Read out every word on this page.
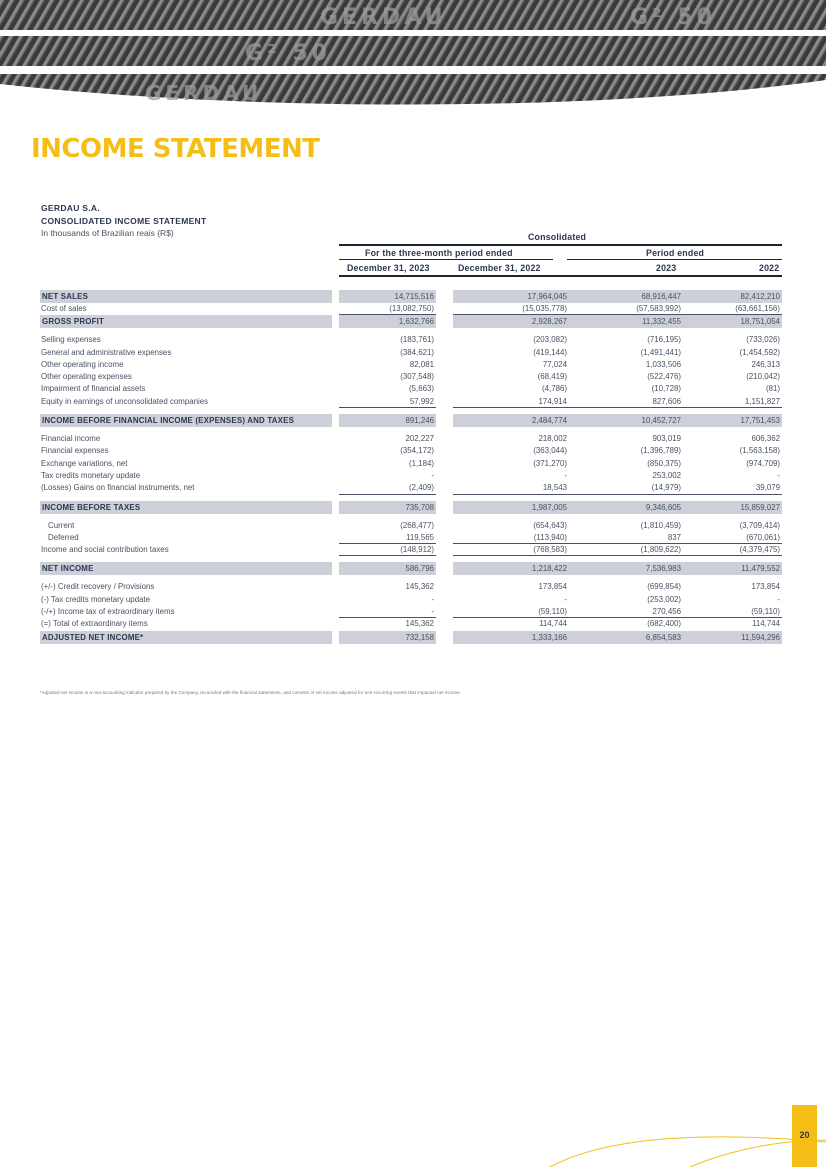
GERDAU	G² 50
G² 50
GERDAU
INCOME STATEMENT
GERDAU S.A.
CONSOLIDATED INCOME STATEMENT
In thousands of Brazilian reais (R$)	Consolidated
For the three-month period ended	Period ended
December 31, 2023	December 31, 2022	2023	2022
NET SALES	14,715,516	17,964,045	68,916,447	82,412,210
Cost of sales	(13,082,750)	(15,035,778)	(57,583,992)	(63,661,156)
GROSS PROFIT	1,632,766	2,928,267	11,332,455	18,751,054
Selling expenses	(183,761)	(203,082)	(716,195)	(733,026)
General and administrative expenses	(384,621)	(419,144)	(1,491,441)	(1,454,592)
Other operating income	82,081	77,024	1,033,506	246,313
Other operating expenses	(307,548)	(68,419)	(522,476)	(210,042)
Impairment of financial assets	(5,663)	(4,786)	(10,728)	(81)
Equity in earnings of unconsolidated companies	57,992	174,914	827,606	1,151,827
INCOME BEFORE FINANCIAL INCOME (EXPENSES) AND TAXES	891,246	2,484,774	10,452,727	17,751,453
Financial income	202,227	218,002	903,019	606,362
Financial expenses	(354,172)	(363,044)	(1,396,789)	(1,563,158)
Exchange variations, net	(1,184)	(371,270)	(850,375)	(974,709)
Tax credits monetary update	-	-	253,002	-
(Losses) Gains on financial instruments, net	(2,409)	18,543	(14,979)	39,079
INCOME BEFORE TAXES	735,708	1,987,005	9,346,605	15,859,027
Current	(268,477)	(654,643)	(1,810,459)	(3,709,414)
Deferred	119,565	(113,940)	837	(670,061)
Income and social contribution taxes	(148,912)	(768,583)	(1,809,622)	(4,379,475)
NET INCOME	586,796	1,218,422	7,536,983	11,479,552
(+/-) Credit recovery / Provisions	145,362	173,854	(699,854)	173,854
(-) Tax credits monetary update	-	-	(253,002)	-
(-/+) Income tax of extraordinary items	-	(59,110)	270,456	(59,110)
(=) Total of extraordinary items	145,362	114,744	(682,400)	114,744
ADJUSTED NET INCOME*	732,158	1,333,166	6,854,583	11,594,296
*Adjusted net income is a non-accounting indicator prepared by the Company, reconciled with the financial statements, and consists of net income adjusted for non-recurring events that impacted net income.
20
